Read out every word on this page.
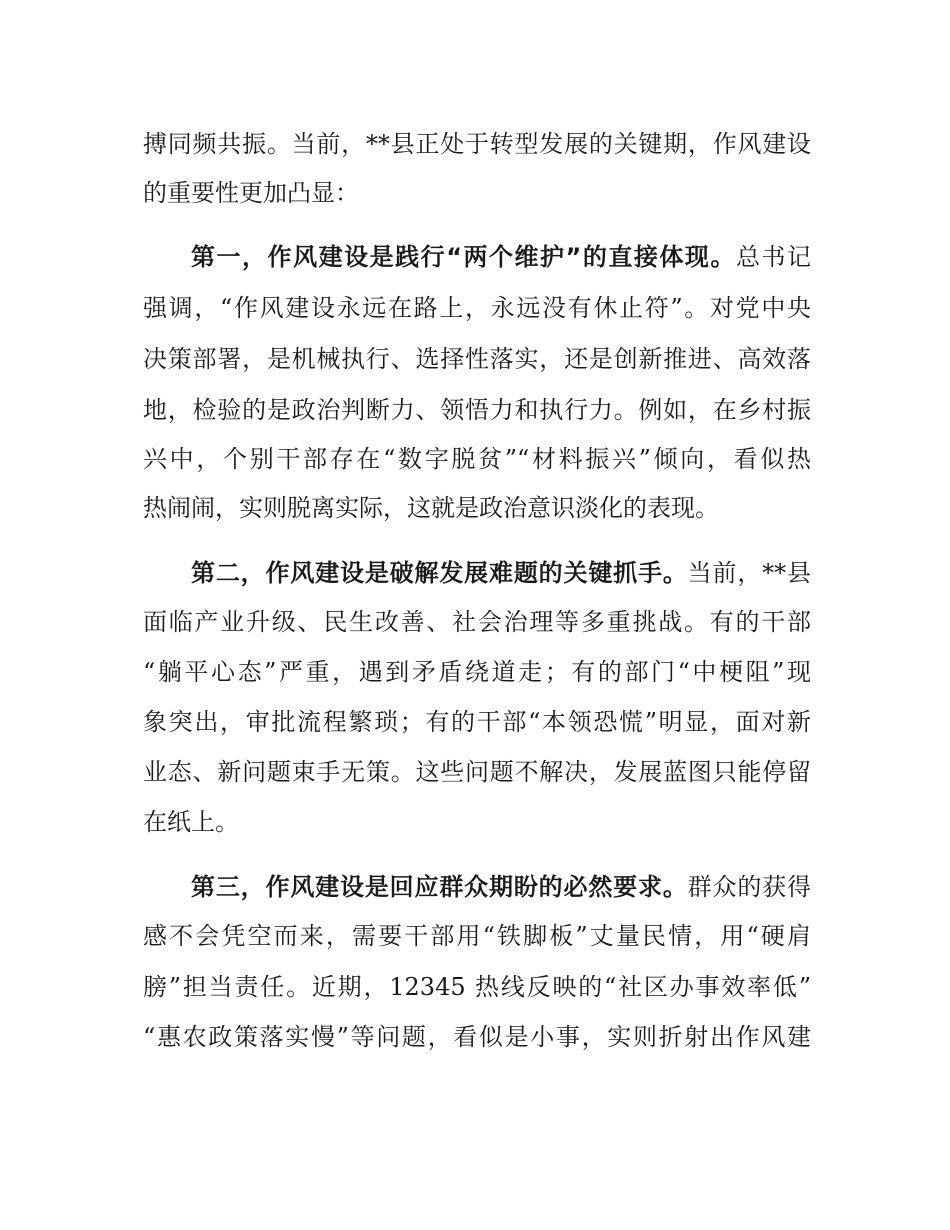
搏同频共振。当前，**县正处于转型发展的关键期，作风建设
的重要性更加凸显：
第一，作风建设是践行“两个维护”的直接体现。总书记
强调，“作风建设永远在路上，永远没有休止符”。对党中央
决策部署，是机械执行、选择性落实，还是创新推进、高效落
地，检验的是政治判断力、领悟力和执行力。例如，在乡村振
兴中，个别干部存在“数字脱贫”“材料振兴”倾向，看似热
热闹闹，实则脱离实际，这就是政治意识淡化的表现。
第二，作风建设是破解发展难题的关键抓手。当前，**县
面临产业升级、民生改善、社会治理等多重挑战。有的干部
“躺平心态”严重，遇到矛盾绕道走；有的部门“中梗阻”现
象突出，审批流程繁琐；有的干部“本领恐慌”明显，面对新
业态、新问题束手无策。这些问题不解决，发展蓝图只能停留
在纸上。
第三，作风建设是回应群众期盼的必然要求。群众的获得
感不会凭空而来，需要干部用“铁脚板”丈量民情，用“硬肩
膀”担当责任。近期，12345 热线反映的“社区办事效率低”
“惠农政策落实慢”等问题，看似是小事，实则折射出作风建
